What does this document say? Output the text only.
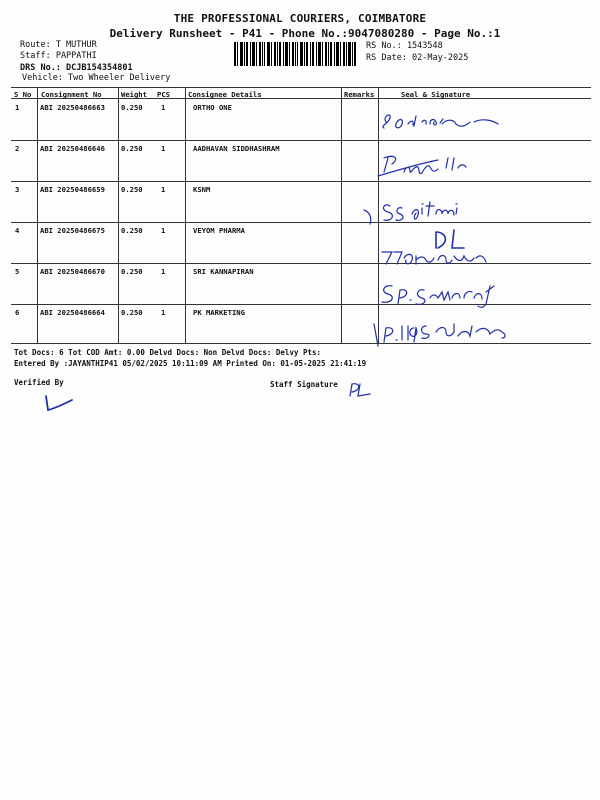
THE PROFESSIONAL COURIERS, COIMBATORE
Delivery Runsheet - P41 - Phone No.:9047080280 - Page No.:1
Route: T MUTHUR
Staff: PAPPATHI
DRS No.: DCJB154354801
Vehicle: Two Wheeler Delivery
RS No.: 1543548
RS Date: 02-May-2025
S No Consignment No	Weight PCS	Consignee Details	Remarks	Seal & Signature
1	ABI 20250486663 0.250	1	ORTHO ONE
2	ABI 20250486646 0.250	1	AADHAVAN SIDDHASHRAM
3	ABI 20250486659 0.250	1	KSNM
4	ABI 20250486675 0.250	1	VEYOM PHARMA
5	ABI 20250486670 0.250	1	SRI KANNAPIRAN
6	ABI 20250486664 0.250	1	PK MARKETING
Tot Docs: 6 Tot COD Amt: 0.00 Delvd Docs: Non Delvd Docs: Delvy Pts:
Entered By :JAYANTHIP41 05/02/2025 10:11:09 AM Printed On: 01-05-2025 21:41:19
Verified By	Staff Signature
